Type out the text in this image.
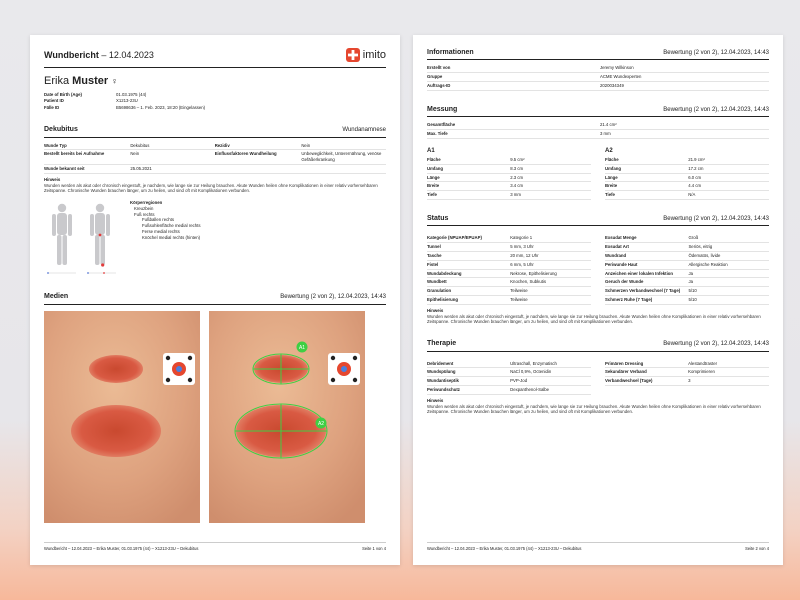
Wundbericht – 12.04.2023	imito
Erika Muster ♀
Date of Birth (Age)	01.03.1975 (44)
Patient ID	X1213-23U
Fälle ID	B5698636 – 1. Feb. 2023, 18:20 (Eingelassen)
Dekubitus	Wundanamnese
Wunde Typ	Dekubitus	Rezidiv	Nein
Bestellt bereits bei Aufnahme	Nein	Einflussfaktoren Wundheilung	Unbeweglichkeit, Unterernährung, venöse Gefäßerkrankung
Wunde bekannt seit	25.05.2021		
Hinweis
Wunden werden als akut oder chronisch eingestuft, je nachdem, wie lange sie zur Heilung brauchen. Akute Wunden heilen ohne Komplikationen in einer relativ vorhersehbaren Zeitspanne. Chronische Wunden brauchen länger, um zu heilen, und sind oft mit Komplikationen verbunden.
Körperregionen
Kreuzbein
Fuß rechts
Fußballen rechts
Fußsohlenfläche medial rechts
Ferse medial rechts
Knöchel medial rechts (hinten)
Medien	Bewertung (2 von 2), 12.04.2023, 14:43
A1
A2
Wundbericht – 12.04.2023 – Erika Muster, 01.03.1975 (44) – X1213-23U – Dekubitus	Seite 1 von 4
Informationen	Bewertung (2 von 2), 12.04.2023, 14:43
Erstellt von	Jeremy Wilkinson
Gruppe	ACME Wundexperten
Auftrags-ID	2020034349
Messung	Bewertung (2 von 2), 12.04.2023, 14:43
Gesamtfläche	21.4 cm²
Max. Tiefe	3 mm
A1
Fläche	9.5 cm²
Umfang	8.3 cm
Länge	2.3 cm
Breite	3.4 cm
Tiefe	3 mm
A2
Fläche	21.9 cm²
Umfang	17.2 cm
Länge	6.0 cm
Breite	4.4 cm
Tiefe	N/A
Status	Bewertung (2 von 2), 12.04.2023, 14:43
Kategorie (NPUAP/EPUAP)	Kategorie 1
Tunnel	5 mm, 3 Uhr
Tasche	20 mm, 12 Uhr
Fistel	6 mm, 5 Uhr
Wundabdeckung	Nekrose, Epithelisierung
Wundbett	Knochen, Subkutis
Granulation	Teilweise
Epithelisierung	Teilweise
Exsudat Menge	Groß
Exsudat Art	Seriös, eitrig
Wundrand	Ödematös, livide
Periwunde Haut	Allergische Reaktion
Anzeichen einer lokalen Infektion	Ja
Geruch der Wunde	Ja
Schmerzen Verbandwechsel (7 Tage)	5/10
Schmerz Ruhe (7 Tage)	5/10
Hinweis
Wunden werden als akut oder chronisch eingestuft, je nachdem, wie lange sie zur Heilung brauchen. Akute Wunden heilen ohne Komplikationen in einer relativ vorhersehbaren Zeitspanne. Chronische Wunden brauchen länger, um zu heilen, und sind oft mit Komplikationen verbunden.
Therapie	Bewertung (2 von 2), 12.04.2023, 14:43
Debridement	Ultraschall, Enzymatisch
Wundspülung	NaCl 0,9%, Octenidin
Wundantiseptik	PVP-Jod
Periwundschutz	Dexpanthenol-Salbe
Primären Dressing	Alestandtraster
Sekundärer Verband	Komprimieren
Verbandwechsel (Tage)	3
Hinweis
Wunden werden als akut oder chronisch eingestuft, je nachdem, wie lange sie zur Heilung brauchen. Akute Wunden heilen ohne Komplikationen in einer relativ vorhersehbaren Zeitspanne. Chronische Wunden brauchen länger, um zu heilen, und sind oft mit Komplikationen verbunden.
Wundbericht – 12.04.2023 – Erika Muster, 01.03.1975 (44) – X1213-23U – Dekubitus	Seite 2 von 4
